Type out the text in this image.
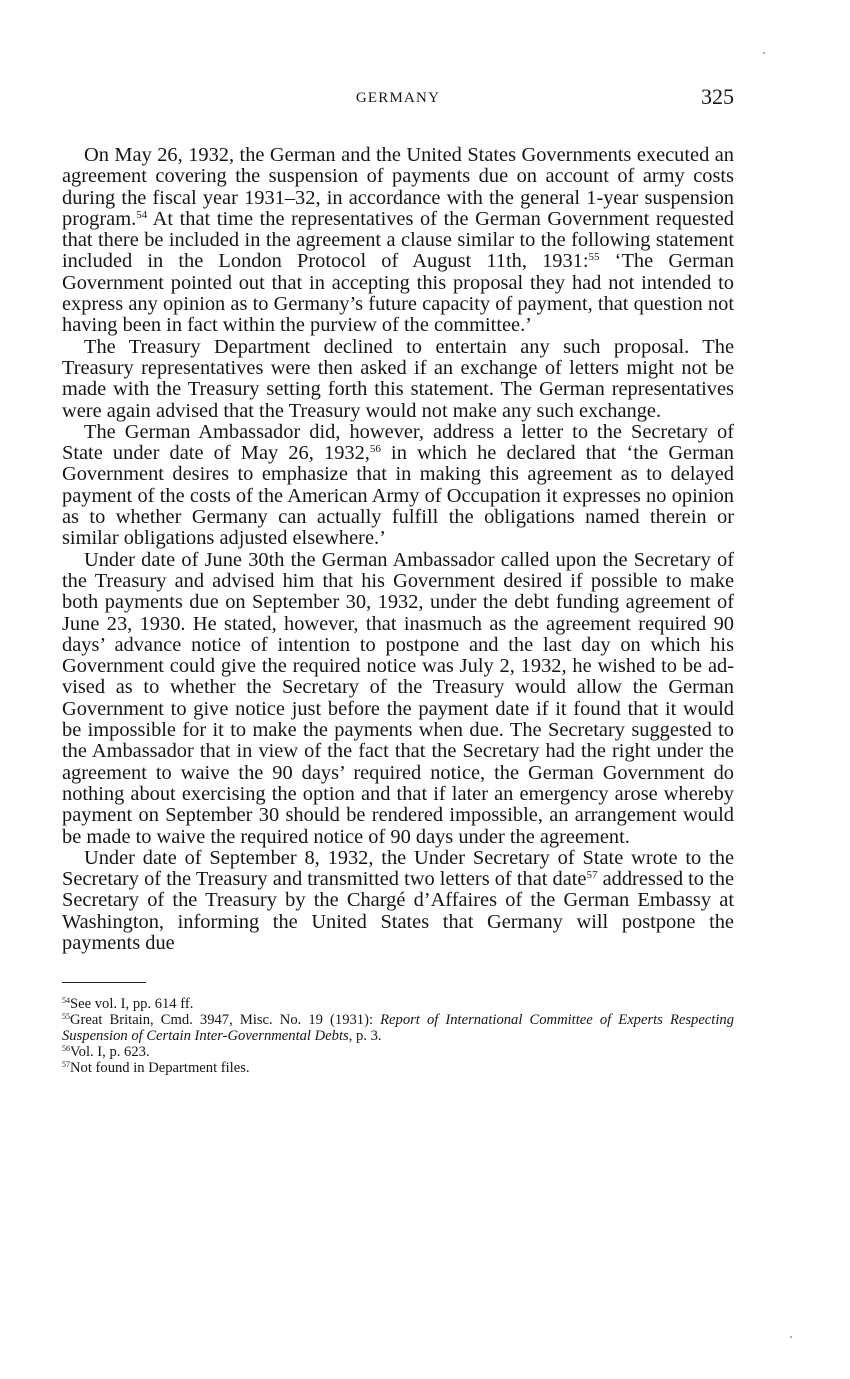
GERMANY	325

On May 26, 1932, the German and the United States Governments executed an agreement covering the suspension of payments due on account of army costs during the fiscal year 1931–32, in accordance with the general 1-year suspension program.$^{54}$ At that time the representatives of the German Government requested that there be included in the agreement a clause similar to the following statement included in the London Protocol of August 11th, 1931:$^{55}$ ‘The German Government pointed out that in accepting this proposal they had not intended to express any opinion as to Germany’s future capacity of payment, that question not having been in fact within the purview of the committee.’

The Treasury Department declined to entertain any such proposal. The Treasury representatives were then asked if an exchange of letters might not be made with the Treasury setting forth this statement. The German representatives were again advised that the Treasury would not make any such exchange.

The German Ambassador did, however, address a letter to the Secretary of State under date of May 26, 1932,56 in which he declared that ‘the German Government desires to emphasize that in making this agreement as to delayed payment of the costs of the American Army of Occupation it expresses no opinion as to whether Germany can actually fulfill the obligations named therein or similar obligations adjusted elsewhere.’

Under date of June 30th the German Ambassador called upon the Secretary of the Treasury and advised him that his Government desired if possible to make both payments due on September 30, 1932, under the debt funding agreement of June 23, 1930. He stated, however, that inasmuch as the agreement required 90 days’ advance notice of intention to postpone and the last day on which his Government could give the required notice was July 2, 1932, he wished to be advised as to whether the Secretary of the Treasury would allow the German Government to give notice just before the payment date if it found that it would be impossible for it to make the payments when due. The Secretary suggested to the Ambassador that in view of the fact that the Secretary had the right under the agreement to waive the 90 days’ required notice, the German Government do nothing about exercising the option and that if later an emergency arose whereby payment on September 30 should be rendered impossible, an arrangement would be made to waive the required notice of 90 days under the agreement.

Under date of September 8, 1932, the Under Secretary of State wrote to the Secretary of the Treasury and transmitted two letters of that date$^{57}$ addressed to the Secretary of the Treasury by the Chargé d’Affaires of the German Embassy at Washington, informing the United States that Germany will postpone the payments due

$^{54}$See vol. I, pp. 614 ff.

$^{55}$Great Britain, Cmd. 3947, Misc. No. 19 (1931): Report of International Committee of Experts Respecting Suspension of Certain Inter-Governmental Debts, p. 3.

$^{56}$Vol. I, p. 623.

$^{57}$Not found in Department files.
